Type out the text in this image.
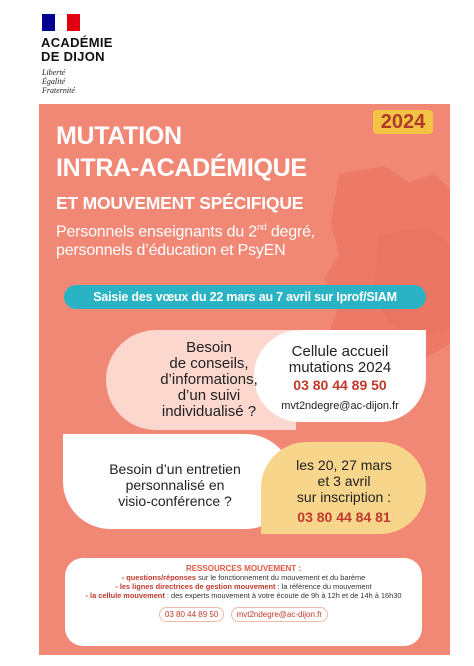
ACADÉMIE
DE DIJON
Liberté
Égalité
Fraternité
2024
MUTATION
INTRA-ACADÉMIQUE
ET MOUVEMENT SPÉCIFIQUE
Personnels enseignants du 2nd degré,
personnels d’éducation et PsyEN
Saisie des vœux du 22 mars au 7 avril sur Iprof/SIAM
Besoin
de conseils,
d’informations,
d’un suivi
individualisé ?
Cellule accueil
mutations 2024
03 80 44 89 50
mvt2ndegre@ac-dijon.fr
Besoin d’un entretien
personnalisé en
visio-conférence ?
les 20, 27 mars
et 3 avril
sur inscription :
03 80 44 84 81
RESSOURCES MOUVEMENT :
- questions/réponses sur le fonctionnement du mouvement et du barème
- les lignes directrices de gestion mouvement : la référence du mouvement
- la cellule mouvement : des experts mouvement à votre écoute de 9h à 12h et de 14h à 16h30
03 80 44 89 50 mvt2ndegre@ac-dijon.fr
